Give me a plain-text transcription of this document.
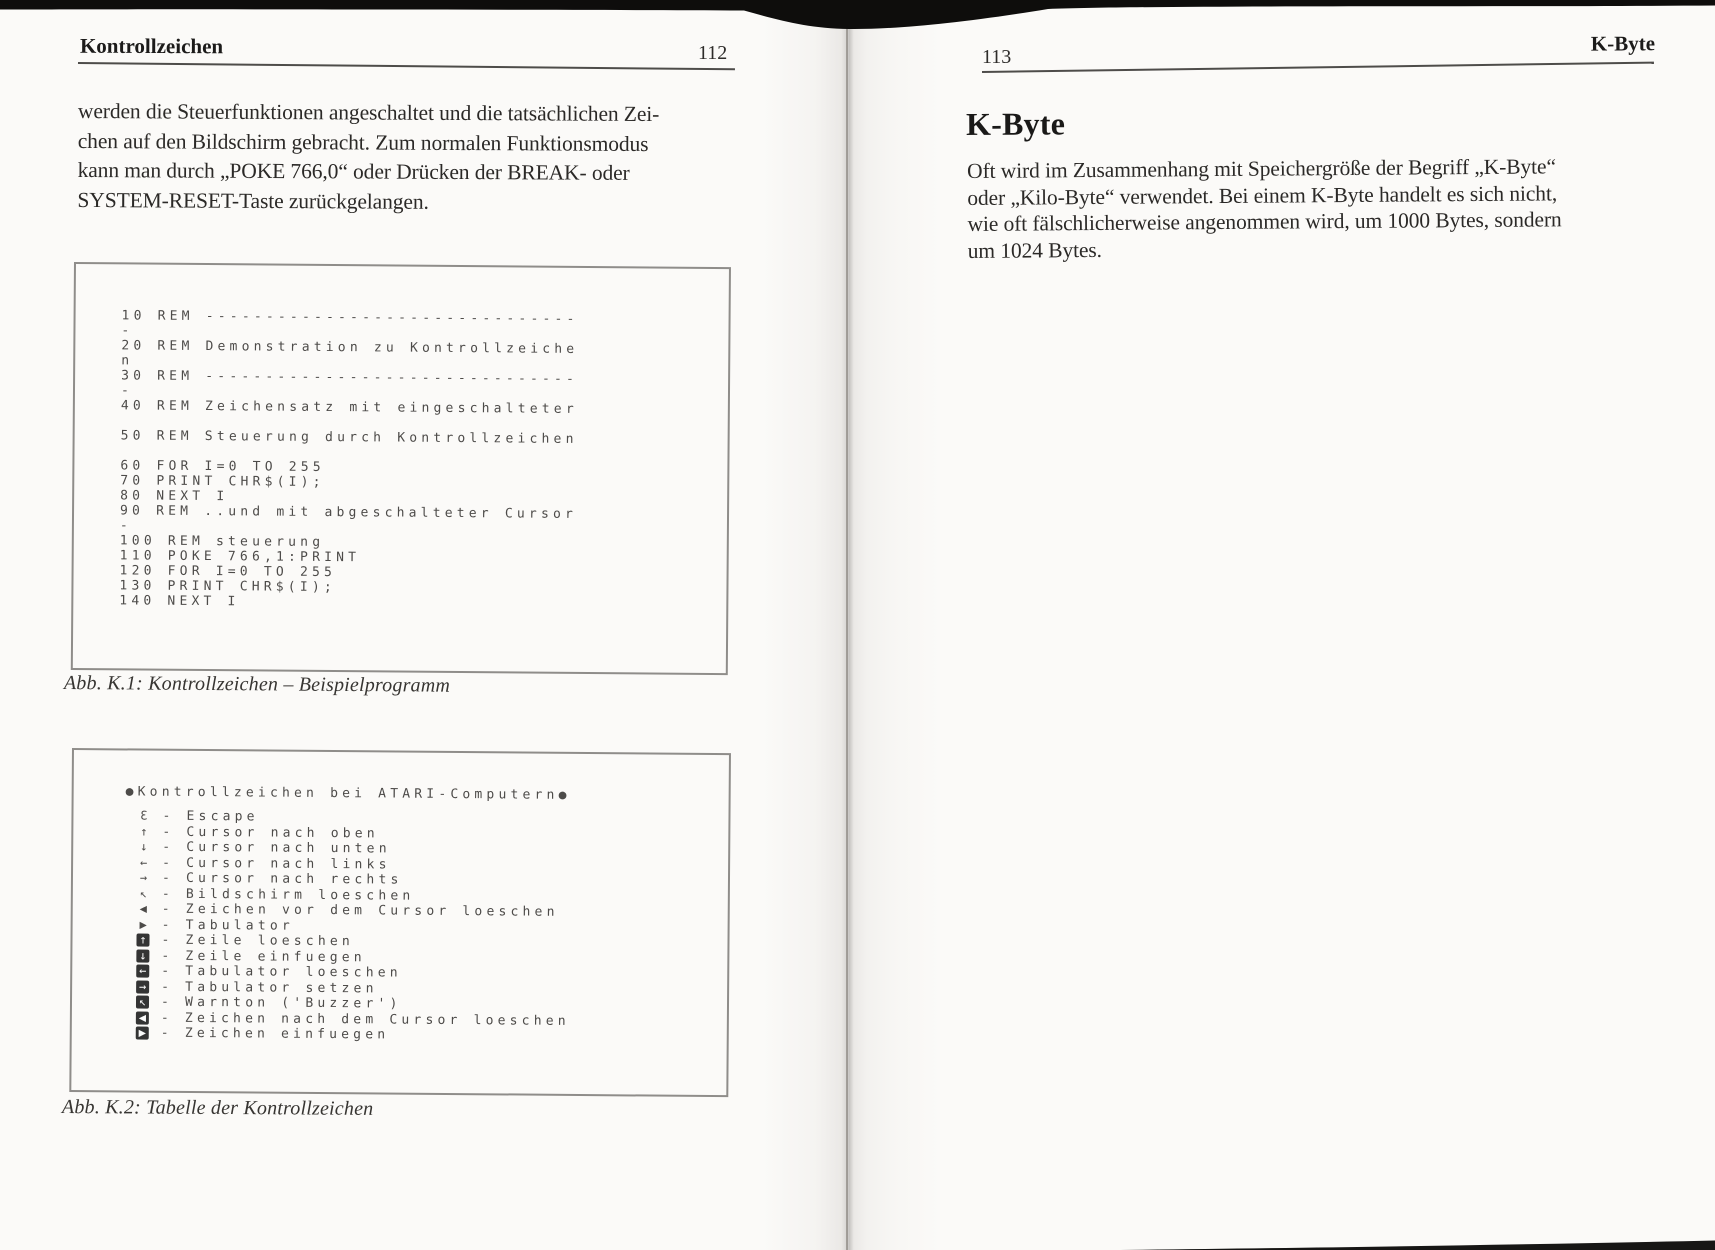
Kontrollzeichen	112
werden die Steuerfunktionen angeschaltet und die tatsächlichen Zei-
chen auf den Bildschirm gebracht. Zum normalen Funktionsmodus
kann man durch „POKE 766,0“ oder Drücken der BREAK- oder
SYSTEM-RESET-Taste zurückgelangen.
10 REM -------------------------------
-
20 REM Demonstration zu Kontrollzeiche
n
30 REM -------------------------------
-
40 REM Zeichensatz mit eingeschalteter

50 REM Steuerung durch Kontrollzeichen

60 FOR I=0 TO 255
70 PRINT CHR$(I);
80 NEXT I
90 REM ..und mit abgeschalteter Cursor
-
100 REM steuerung
110 POKE 766,1:PRINT
120 FOR I=0 TO 255
130 PRINT CHR$(I);
140 NEXT I
Abb. K.1: Kontrollzeichen – Beispielprogramm
●Kontrollzeichen bei ATARI-Computern●
Ɛ - Escape
↑ - Cursor nach oben
↓ - Cursor nach unten
← - Cursor nach links
→ - Cursor nach rechts
↖ - Bildschirm loeschen
◀ - Zeichen vor dem Cursor loeschen
▶ - Tabulator
↑ - Zeile loeschen
↓ - Zeile einfuegen
← - Tabulator loeschen
→ - Tabulator setzen
↖ - Warnton ('Buzzer')
◀ - Zeichen nach dem Cursor loeschen
▶ - Zeichen einfuegen
Abb. K.2: Tabelle der Kontrollzeichen
113
K-Byte
K-Byte
Oft wird im Zusammenhang mit Speichergröße der Begriff „K-Byte“
oder „Kilo-Byte“ verwendet. Bei einem K-Byte handelt es sich nicht,
wie oft fälschlicherweise angenommen wird, um 1000 Bytes, sondern
um 1024 Bytes.
